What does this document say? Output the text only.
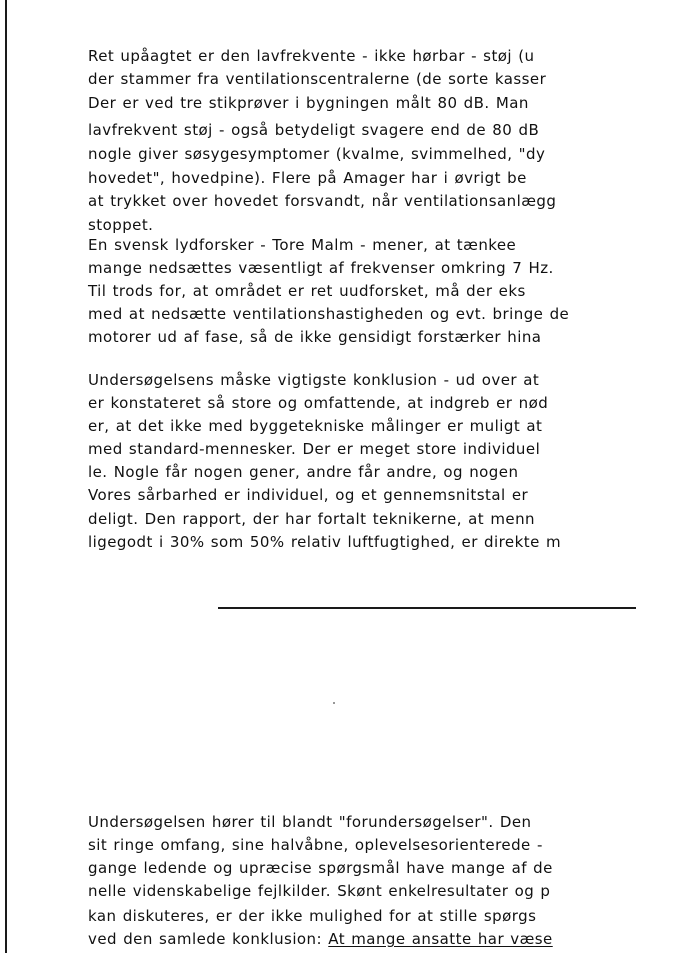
Ret upåagtet er den lavfrekvente - ikke hørbar - støj (u
der stammer fra ventilationscentralerne (de sorte kasser
Der er ved tre stikprøver i bygningen målt 80 dB. Man
lavfrekvent støj - også betydeligt svagere end de 80 dB
nogle giver søsygesymptomer (kvalme, svimmelhed, "dy
hovedet", hovedpine). Flere på Amager har i øvrigt be
at trykket over hovedet forsvandt, når ventilationsanlægg
stoppet.
En svensk lydforsker - Tore Malm - mener, at tænkee
mange nedsættes væsentligt af frekvenser omkring 7 Hz.
Til trods for, at området er ret uudforsket, må der eks
med at nedsætte ventilationshastigheden og evt. bringe de
motorer ud af fase, så de ikke gensidigt forstærker hina
Undersøgelsens måske vigtigste konklusion - ud over at
er konstateret så store og omfattende, at indgreb er nød
er, at det ikke med byggetekniske målinger er muligt at
med standard-mennesker. Der er meget store individuel
le. Nogle får nogen gener, andre får andre, og nogen
Vores sårbarhed er individuel, og et gennemsnitstal er
deligt. Den rapport, der har fortalt teknikerne, at menn
ligegodt i 30% som 50% relativ luftfugtighed, er direkte m
Undersøgelsen hører til blandt "forundersøgelser". Den
sit ringe omfang, sine halvåbne, oplevelsesorienterede -
gange ledende og upræcise spørgsmål have mange af de
nelle videnskabelige fejlkilder. Skønt enkelresultater og p
kan diskuteres, er der ikke mulighed for at stille spørgs
ved den samlede konklusion: At mange ansatte har væse
